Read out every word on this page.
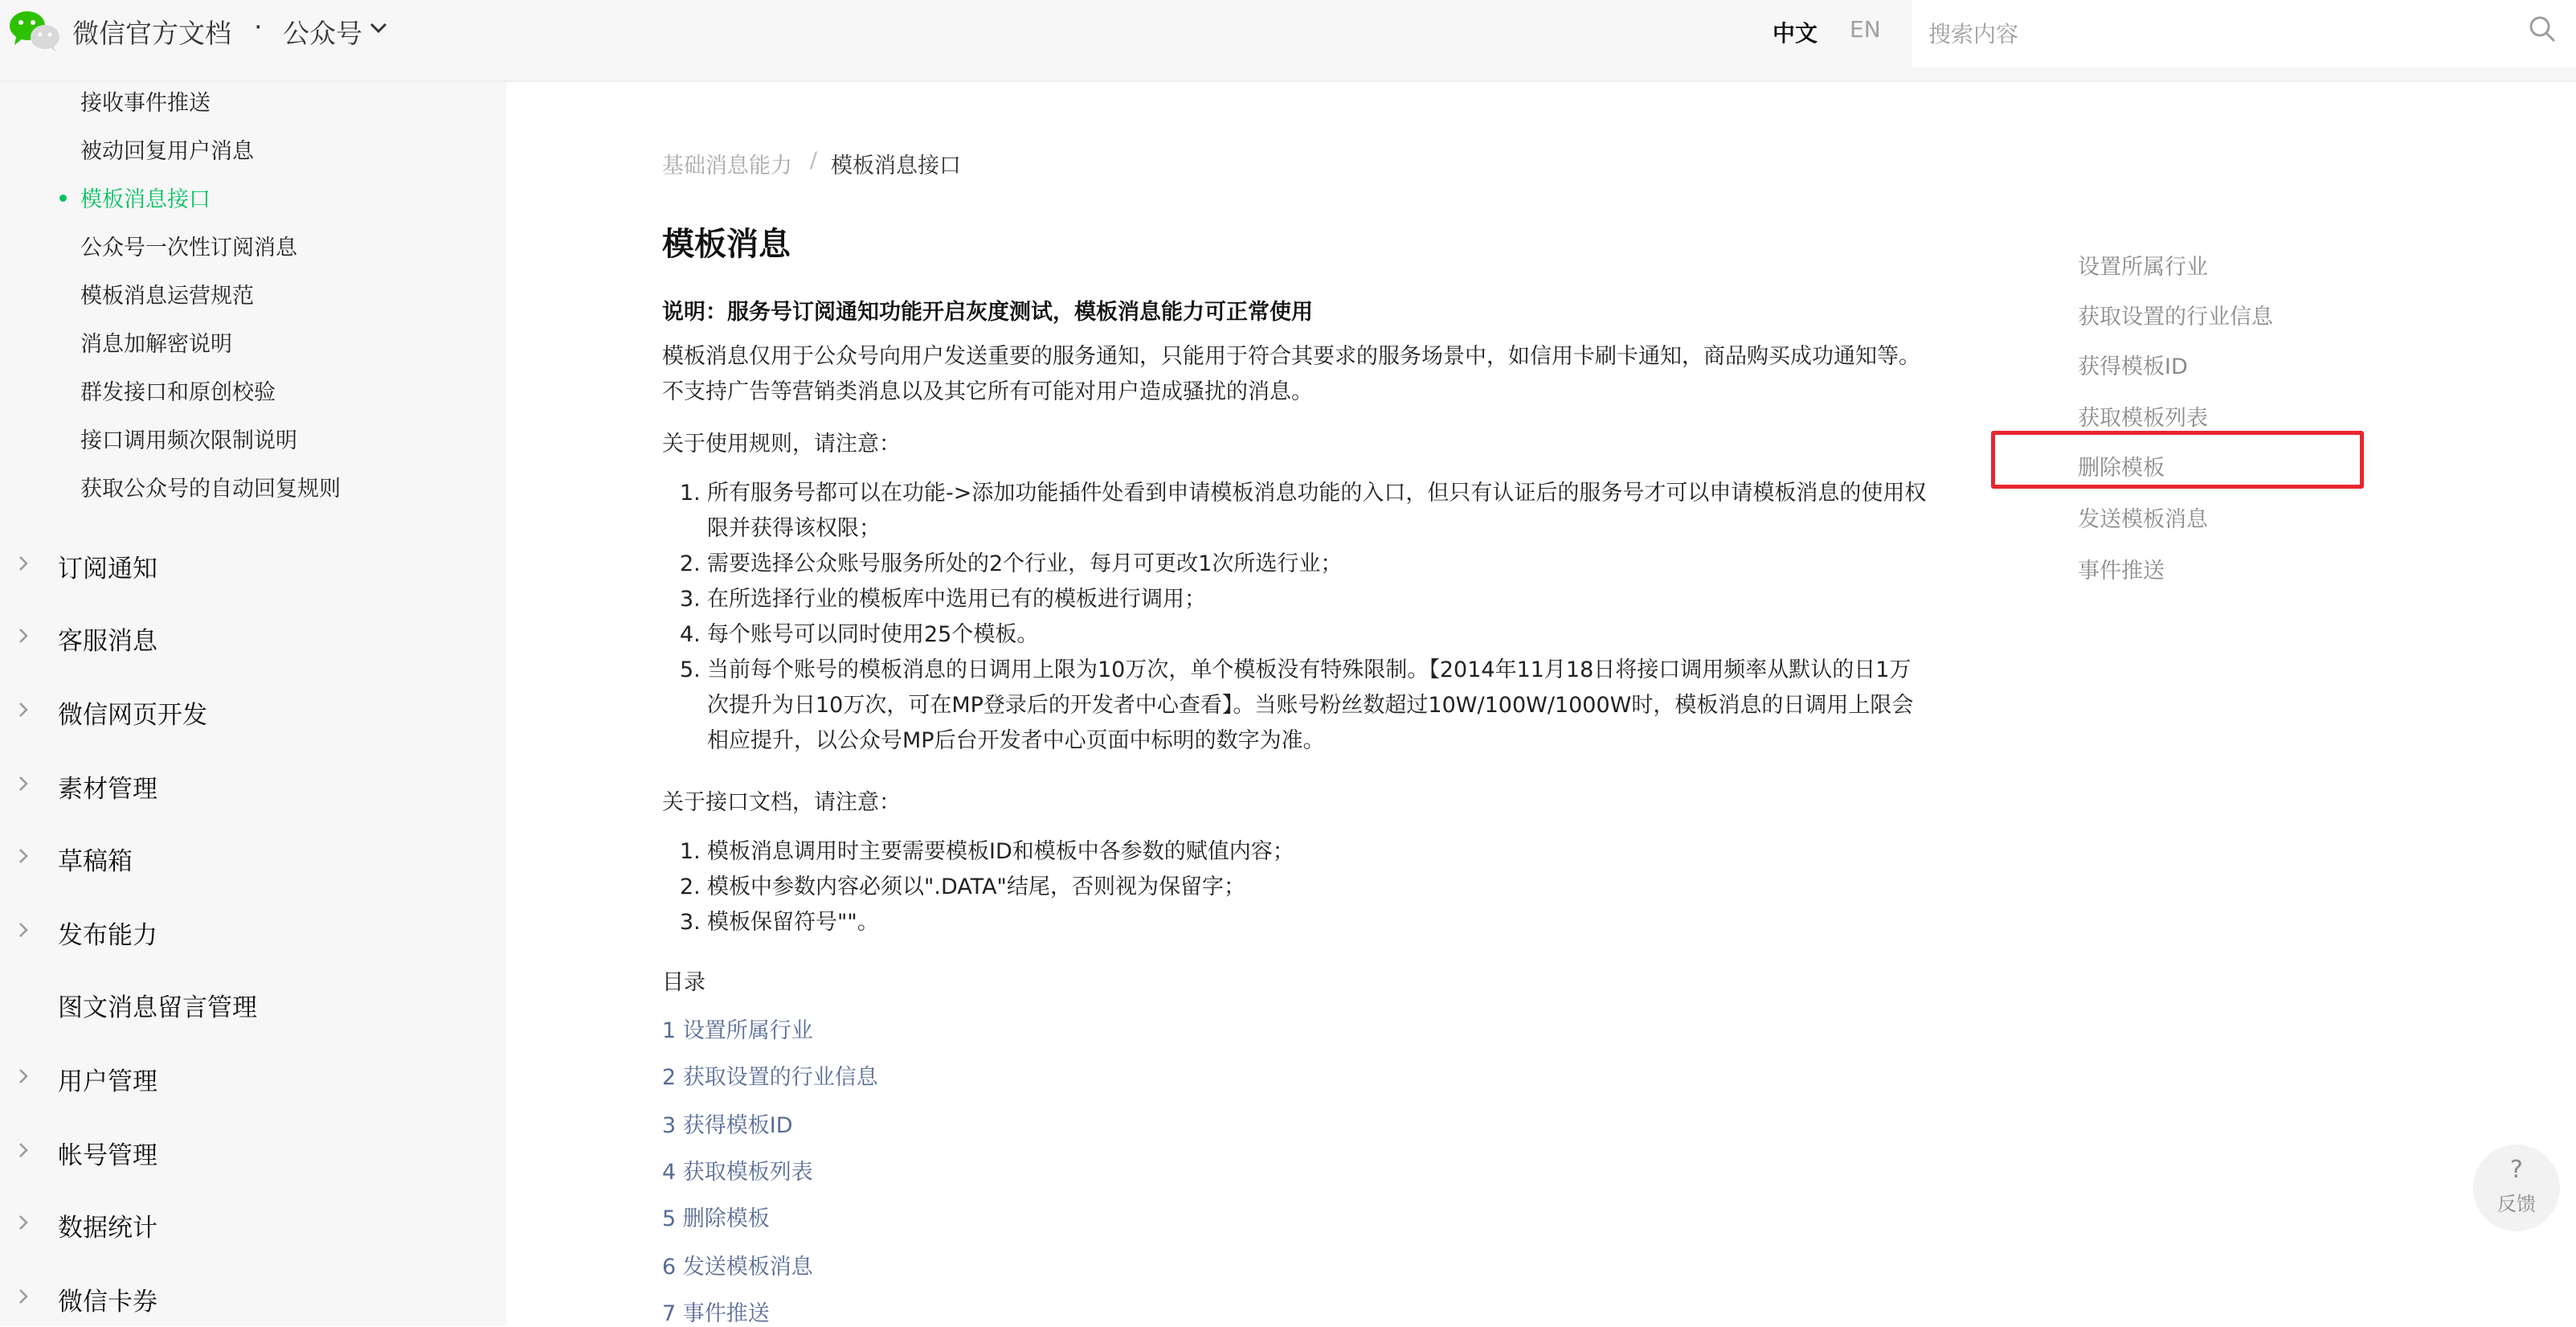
微信官方文档 · 公众号	中文 EN
搜索内容
接收事件推送
被动回复用户消息
模板消息接口
公众号一次性订阅消息
模板消息运营规范
消息加解密说明
群发接口和原创校验
接口调用频次限制说明
获取公众号的自动回复规则
订阅通知
客服消息
微信网页开发
素材管理
草稿箱
发布能力
图文消息留言管理
用户管理
帐号管理
数据统计
微信卡券
基础消息能力 / 模板消息接口
模板消息
说明：服务号订阅通知功能开启灰度测试，模板消息能力可正常使用
模板消息仅用于公众号向用户发送重要的服务通知，只能用于符合其要求的服务场景中，如信用卡刷卡通知，商品购买成功通知等。不支持广告等营销类消息以及其它所有可能对用户造成骚扰的消息。
关于使用规则，请注意：
1. 所有服务号都可以在功能->添加功能插件处看到申请模板消息功能的入口，但只有认证后的服务号才可以申请模板消息的使用权限并获得该权限；
2. 需要选择公众账号服务所处的2个行业，每月可更改1次所选行业；
3. 在所选择行业的模板库中选用已有的模板进行调用；
4. 每个账号可以同时使用25个模板。
5. 当前每个账号的模板消息的日调用上限为10万次，单个模板没有特殊限制。【2014年11月18日将接口调用频率从默认的日1万次提升为日10万次，可在MP登录后的开发者中心查看】。当账号粉丝数超过10W/100W/1000W时，模板消息的日调用上限会相应提升，以公众号MP后台开发者中心页面中标明的数字为准。
关于接口文档，请注意：
1. 模板消息调用时主要需要模板ID和模板中各参数的赋值内容；
2. 模板中参数内容必须以".DATA"结尾，否则视为保留字；
3. 模板保留符号""。
目录
1 设置所属行业
2 获取设置的行业信息
3 获得模板ID
4 获取模板列表
5 删除模板
6 发送模板消息
7 事件推送
设置所属行业
获取设置的行业信息
获得模板ID
获取模板列表
删除模板
发送模板消息
事件推送
?
反馈
